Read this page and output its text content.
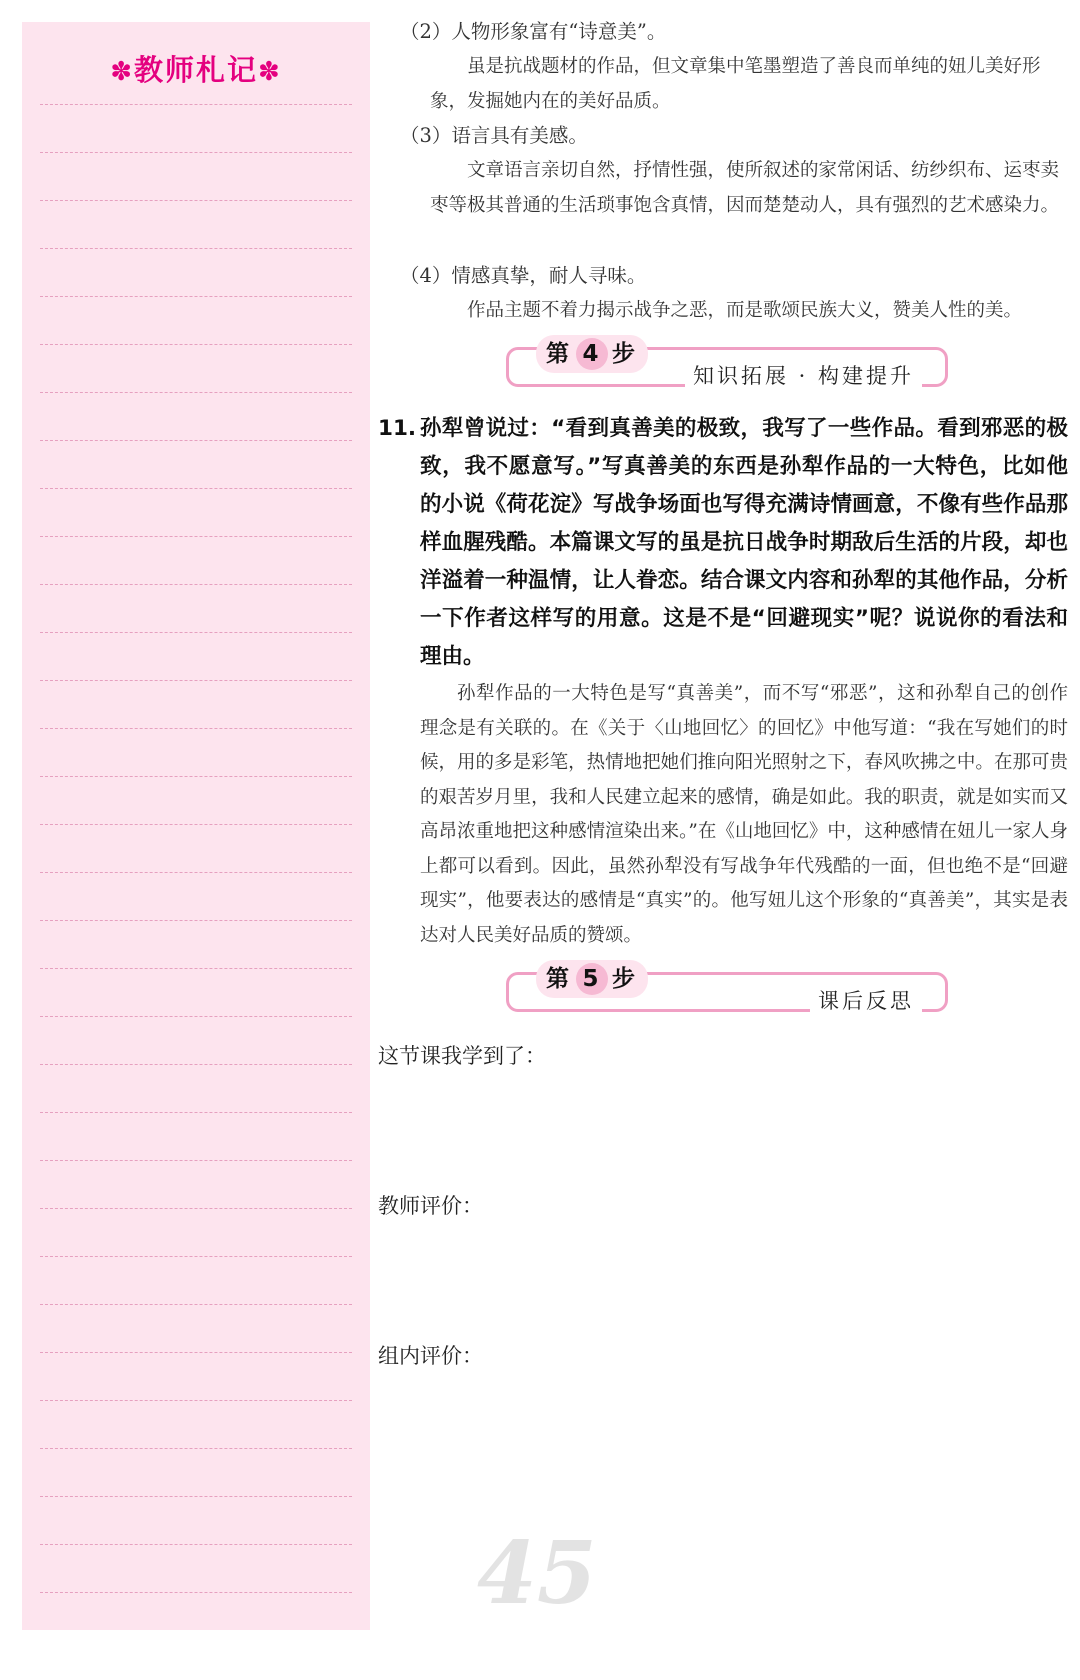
✽教师札记✽
（2）人物形象富有“诗意美”。
虽是抗战题材的作品，但文章集中笔墨塑造了善良而单纯的妞儿美好形象，发掘她内在的美好品质。
（3）语言具有美感。
文章语言亲切自然，抒情性强，使所叙述的家常闲话、纺纱织布、运枣卖枣等极其普通的生活琐事饱含真情，因而楚楚动人，具有强烈的艺术感染力。
（4）情感真挚，耐人寻味。
作品主题不着力揭示战争之恶，而是歌颂民族大义，赞美人性的美。
第 4 步
知识拓展 · 构建提升
11. 孙犁曾说过：“看到真善美的极致，我写了一些作品。看到邪恶的极致，我不愿意写。”写真善美的东西是孙犁作品的一大特色，比如他的小说《荷花淀》写战争场面也写得充满诗情画意，不像有些作品那样血腥残酷。本篇课文写的虽是抗日战争时期敌后生活的片段，却也洋溢着一种温情，让人眷恋。结合课文内容和孙犁的其他作品，分析一下作者这样写的用意。这是不是“回避现实”呢？说说你的看法和理由。
孙犁作品的一大特色是写“真善美”，而不写“邪恶”，这和孙犁自己的创作理念是有关联的。在《关于〈山地回忆〉的回忆》中他写道：“我在写她们的时候，用的多是彩笔，热情地把她们推向阳光照射之下，春风吹拂之中。在那可贵的艰苦岁月里，我和人民建立起来的感情，确是如此。我的职责，就是如实而又高昂浓重地把这种感情渲染出来。”在《山地回忆》中，这种感情在妞儿一家人身上都可以看到。因此，虽然孙犁没有写战争年代残酷的一面，但也绝不是“回避现实”，他要表达的感情是“真实”的。他写妞儿这个形象的“真善美”，其实是表达对人民美好品质的赞颂。
第 5 步
课后反思
这节课我学到了：
教师评价：
组内评价：
45
